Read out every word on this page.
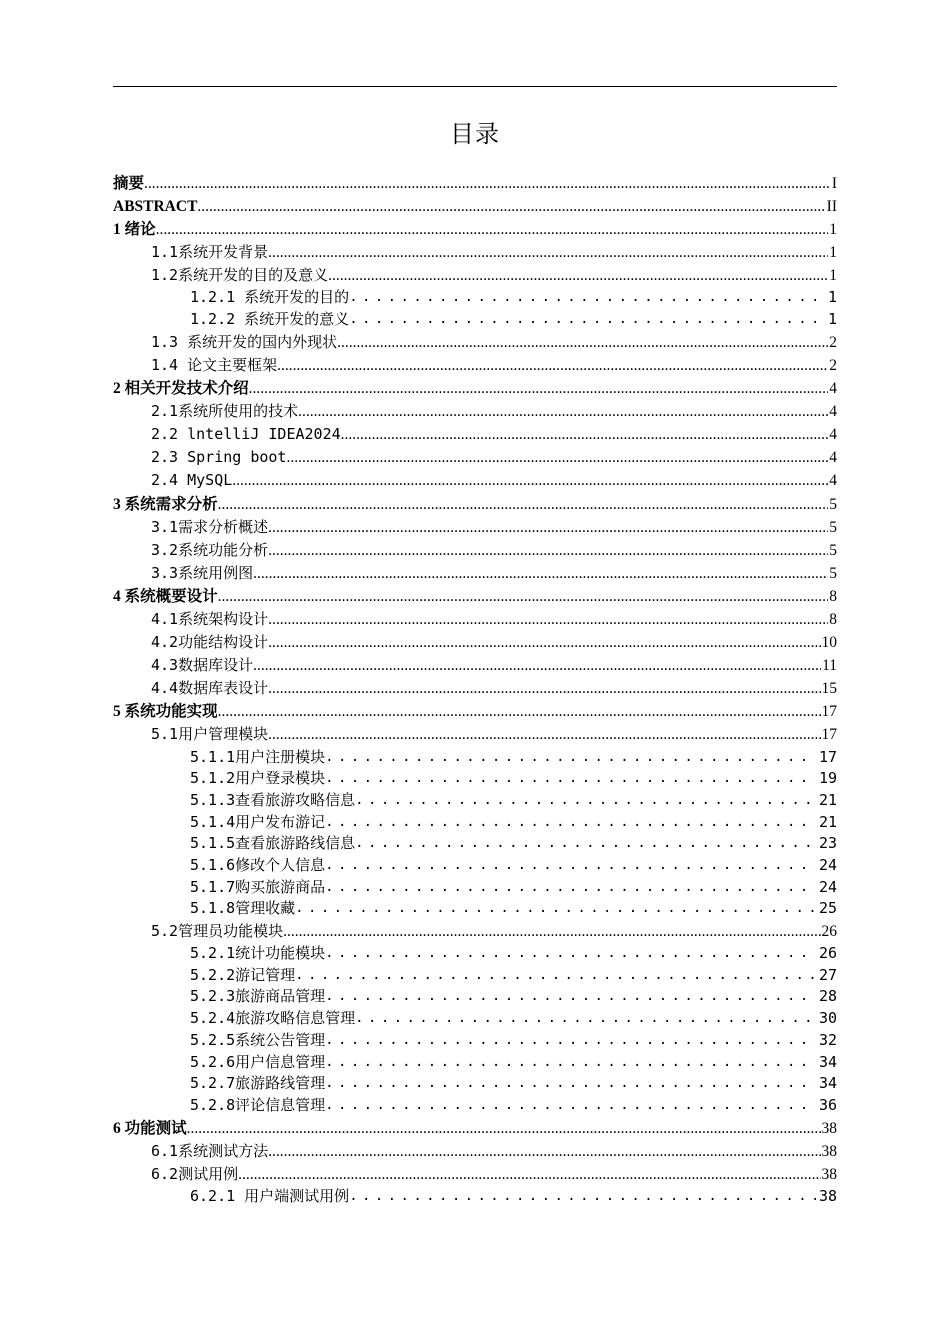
目录
摘要 .....	I
ABSTRACT .....	II
1 绪论 .....	1
1.1系统开发背景 .....	1
1.2系统开发的目的及意义 .....	1
1.2.1 系统开发的目的 .....	1
1.2.2 系统开发的意义 .....	1
1.3 系统开发的国内外现状 .....	2
1.4 论文主要框架 .....	2
2 相关开发技术介绍 .....	4
2.1系统所使用的技术 .....	4
2.2 lntelliJ IDEA2024 .....	4
2.3 Spring boot .....	4
2.4 MySQL .....	4
3 系统需求分析 .....	5
3.1需求分析概述 .....	5
3.2系统功能分析 .....	5
3.3系统用例图 .....	5
4 系统概要设计 .....	8
4.1系统架构设计 .....	8
4.2功能结构设计 .....	10
4.3数据库设计 .....	11
4.4数据库表设计 .....	15
5 系统功能实现 .....	17
5.1用户管理模块 .....	17
5.1.1用户注册模块 .....	17
5.1.2用户登录模块 .....	19
5.1.3查看旅游攻略信息 .....	21
5.1.4用户发布游记 .....	21
5.1.5查看旅游路线信息 .....	23
5.1.6修改个人信息 .....	24
5.1.7购买旅游商品 .....	24
5.1.8管理收藏 .....	25
5.2管理员功能模块 .....	26
5.2.1统计功能模块 .....	26
5.2.2游记管理 .....	27
5.2.3旅游商品管理 .....	28
5.2.4旅游攻略信息管理 .....	30
5.2.5系统公告管理 .....	32
5.2.6用户信息管理 .....	34
5.2.7旅游路线管理 .....	34
5.2.8评论信息管理 .....	36
6 功能测试 .....	38
6.1系统测试方法 .....	38
6.2测试用例 .....	38
6.2.1 用户端测试用例 .....	38
